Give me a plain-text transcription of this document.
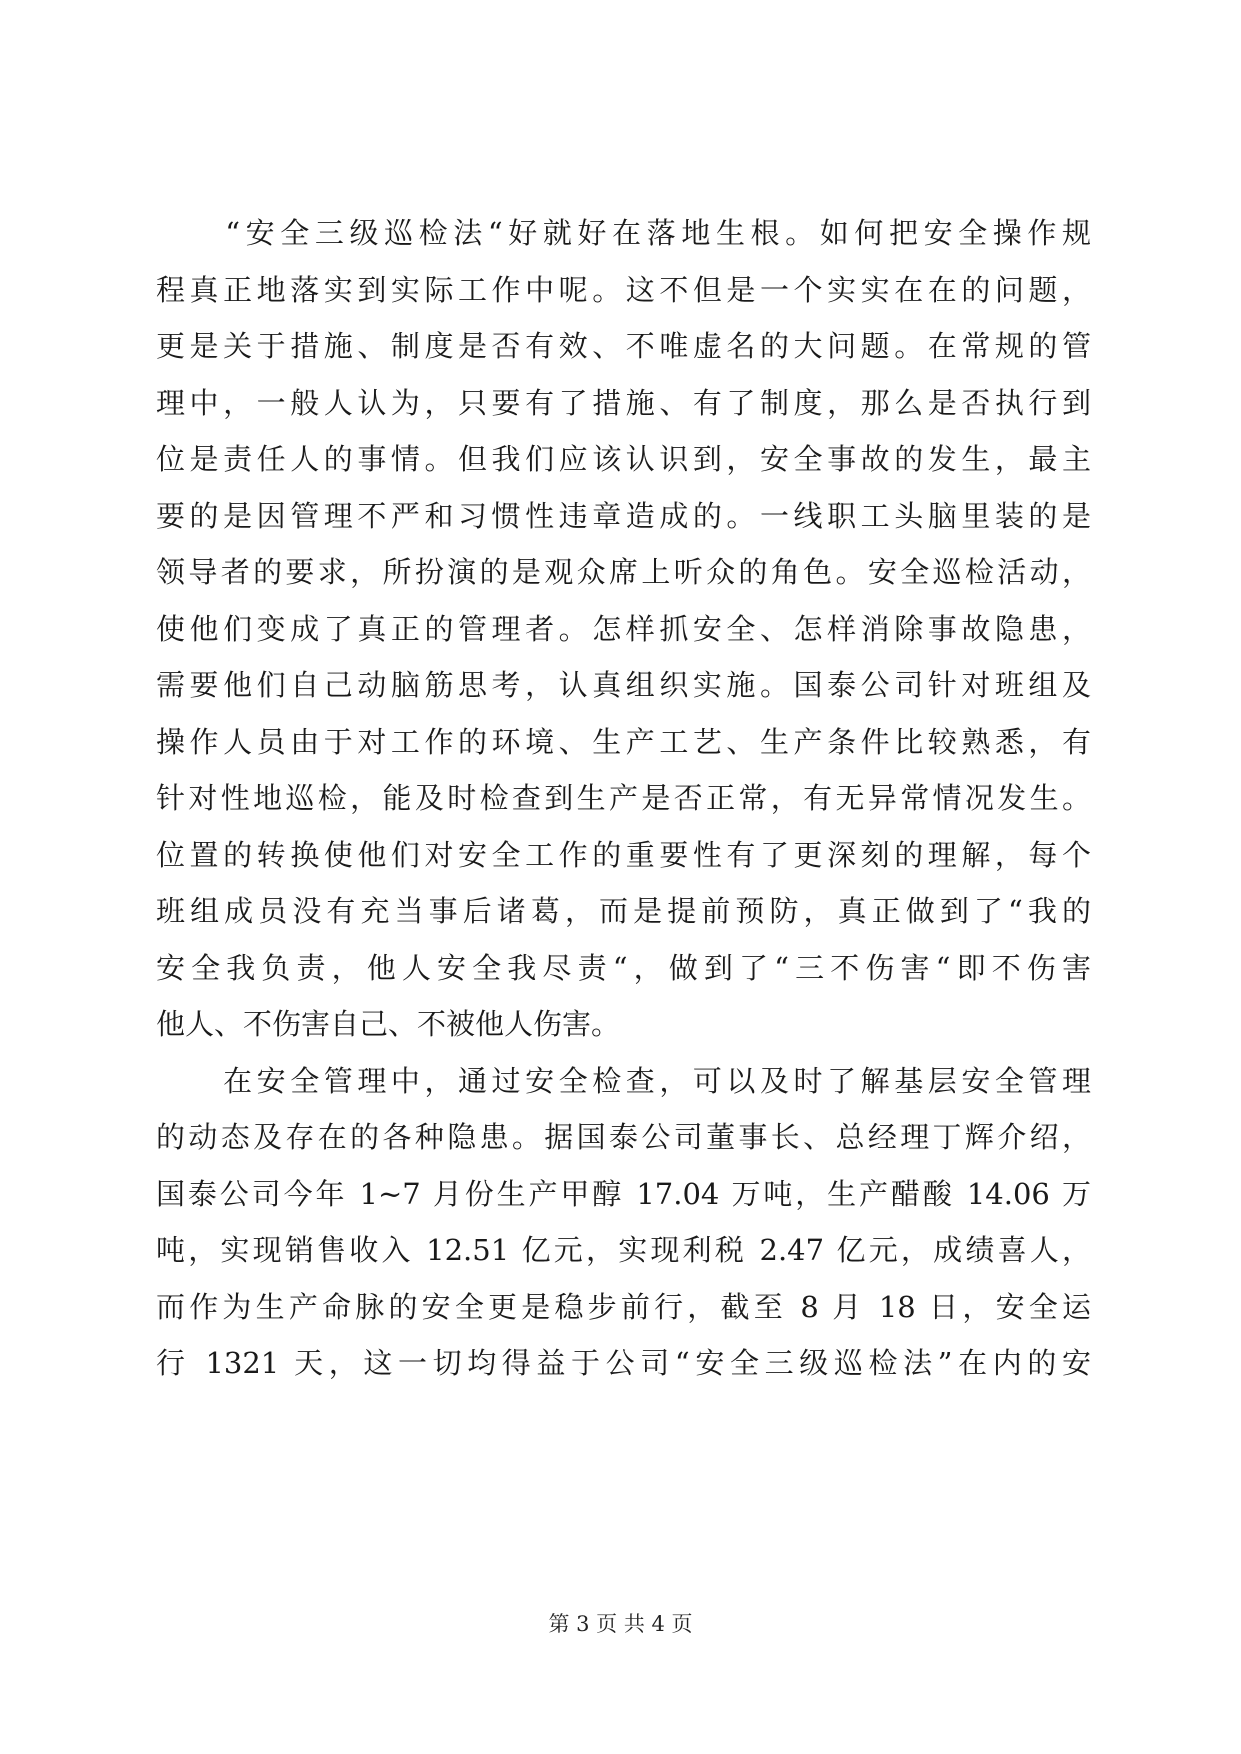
　　“安全三级巡检法“好就好在落地生根。如何把安全操作规
程真正地落实到实际工作中呢。这不但是一个实实在在的问题，
更是关于措施、制度是否有效、不唯虚名的大问题。在常规的管
理中，一般人认为，只要有了措施、有了制度，那么是否执行到
位是责任人的事情。但我们应该认识到，安全事故的发生，最主
要的是因管理不严和习惯性违章造成的。一线职工头脑里装的是
领导者的要求，所扮演的是观众席上听众的角色。安全巡检活动，
使他们变成了真正的管理者。怎样抓安全、怎样消除事故隐患，
需要他们自己动脑筋思考，认真组织实施。国泰公司针对班组及
操作人员由于对工作的环境、生产工艺、生产条件比较熟悉，有
针对性地巡检，能及时检查到生产是否正常，有无异常情况发生。
位置的转换使他们对安全工作的重要性有了更深刻的理解，每个
班组成员没有充当事后诸葛，而是提前预防，真正做到了“我的
安全我负责，他人安全我尽责“，做到了“三不伤害“即不伤害
他人、不伤害自己、不被他人伤害。
　　在安全管理中，通过安全检查，可以及时了解基层安全管理
的动态及存在的各种隐患。据国泰公司董事长、总经理丁辉介绍，
国泰公司今年 1~7 月份生产甲醇 17.04 万吨，生产醋酸 14.06 万
吨，实现销售收入 12.51 亿元，实现利税 2.47 亿元，成绩喜人，
而作为生产命脉的安全更是稳步前行，截至 8 月 18 日，安全运
行 1321 天，这一切均得益于公司“安全三级巡检法”在内的安
第 3 页 共 4 页
